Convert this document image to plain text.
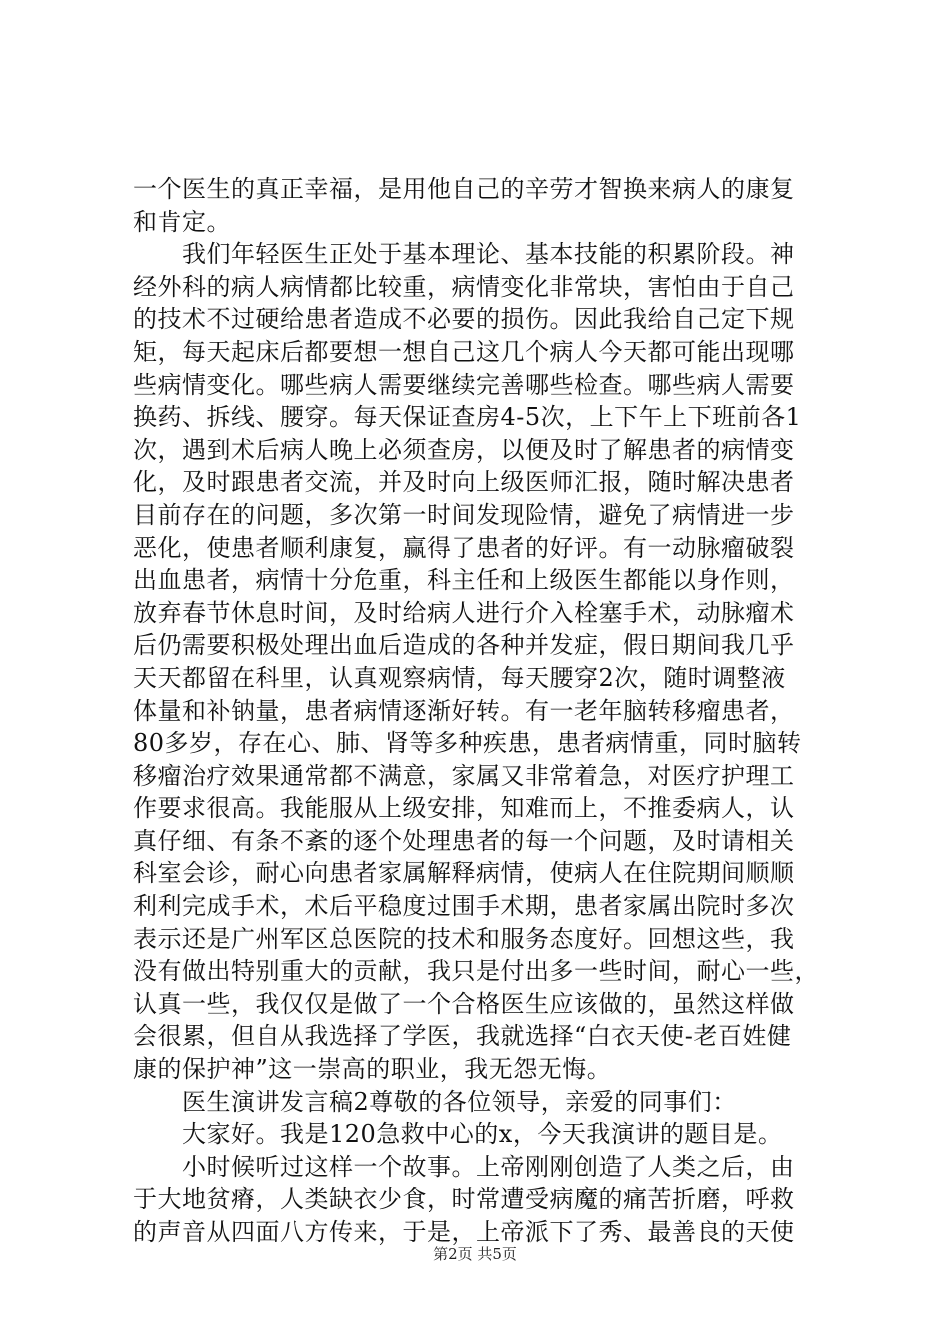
一个医生的真正幸福，是用他自己的辛劳才智换来病人的康复
和肯定。
我们年轻医生正处于基本理论、基本技能的积累阶段。神
经外科的病人病情都比较重，病情变化非常块，害怕由于自己
的技术不过硬给患者造成不必要的损伤。因此我给自己定下规
矩，每天起床后都要想一想自己这几个病人今天都可能出现哪
些病情变化。哪些病人需要继续完善哪些检查。哪些病人需要
换药、拆线、腰穿。每天保证查房4-5次，上下午上下班前各1
次，遇到术后病人晚上必须查房，以便及时了解患者的病情变
化，及时跟患者交流，并及时向上级医师汇报，随时解决患者
目前存在的问题，多次第一时间发现险情，避免了病情进一步
恶化，使患者顺利康复，赢得了患者的好评。有一动脉瘤破裂
出血患者，病情十分危重，科主任和上级医生都能以身作则，
放弃春节休息时间，及时给病人进行介入栓塞手术，动脉瘤术
后仍需要积极处理出血后造成的各种并发症，假日期间我几乎
天天都留在科里，认真观察病情，每天腰穿2次，随时调整液
体量和补钠量，患者病情逐渐好转。有一老年脑转移瘤患者，
80多岁，存在心、肺、肾等多种疾患，患者病情重，同时脑转
移瘤治疗效果通常都不满意，家属又非常着急，对医疗护理工
作要求很高。我能服从上级安排，知难而上，不推委病人，认
真仔细、有条不紊的逐个处理患者的每一个问题，及时请相关
科室会诊，耐心向患者家属解释病情，使病人在住院期间顺顺
利利完成手术，术后平稳度过围手术期，患者家属出院时多次
表示还是广州军区总医院的技术和服务态度好。回想这些，我
没有做出特别重大的贡献，我只是付出多一些时间，耐心一些，
认真一些，我仅仅是做了一个合格医生应该做的，虽然这样做
会很累，但自从我选择了学医，我就选择“白衣天使-老百姓健
康的保护神”这一崇高的职业，我无怨无悔。
医生演讲发言稿2尊敬的各位领导，亲爱的同事们：
大家好。我是120急救中心的x，今天我演讲的题目是。
小时候听过这样一个故事。上帝刚刚创造了人类之后，由
于大地贫瘠，人类缺衣少食，时常遭受病魔的痛苦折磨，呼救
的声音从四面八方传来，于是，上帝派下了秀、最善良的天使
第2页 共5页
